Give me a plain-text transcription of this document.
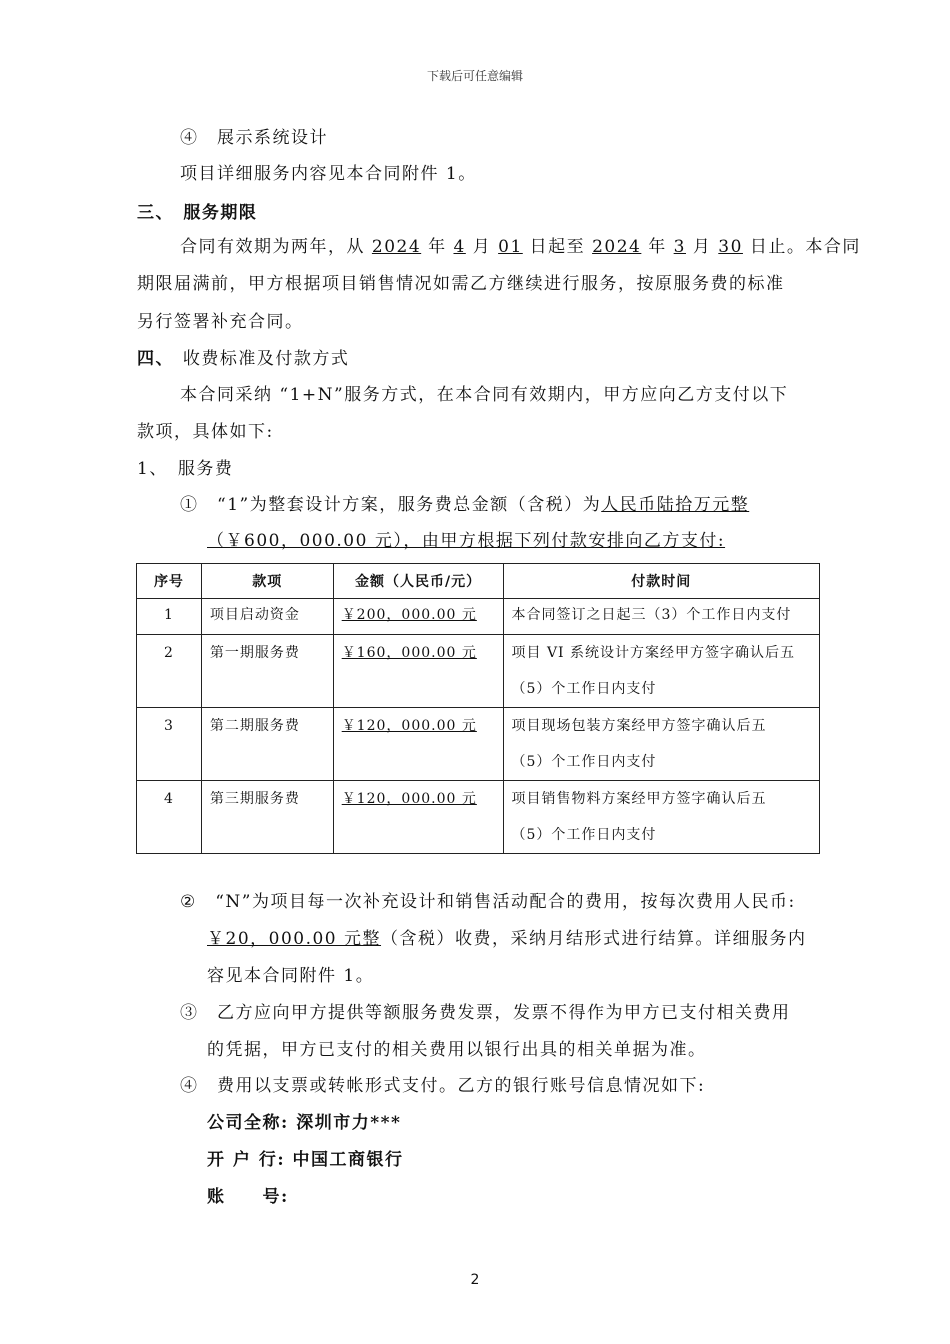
下载后可任意编辑
④　展示系统设计
项目详细服务内容见本合同附件 1。
三、 服务期限
合同有效期为两年，从 2024 年 4 月 01 日起至 2024 年 3 月 30 日止。本合同
期限届满前，甲方根据项目销售情况如需乙方继续进行服务，按原服务费的标准
另行签署补充合同。
四、 收费标准及付款方式
本合同采纳 “1+N”服务方式，在本合同有效期内，甲方应向乙方支付以下
款项，具体如下:
1、　服务费
①　“1”为整套设计方案，服务费总金额（含税）为人民币陆拾万元整
（￥600，000.00 元），由甲方根据下列付款安排向乙方支付:
序号	款项	金额（人民币/元）	付款时间
1	项目启动资金	￥200，000.00 元	本合同签订之日起三（3）个工作日内支付

2	第一期服务费	￥160，000.00 元	项目 VI 系统设计方案经甲方签字确认后五
（5）个工作日内支付

3	第二期服务费	￥120，000.00 元	项目现场包装方案经甲方签字确认后五
（5）个工作日内支付

4	第三期服务费	￥120，000.00 元	项目销售物料方案经甲方签字确认后五
（5）个工作日内支付
②　“N”为项目每一次补充设计和销售活动配合的费用，按每次费用人民币:
￥20，000.00 元整（含税）收费，采纳月结形式进行结算。详细服务内
容见本合同附件 1。
③　乙方应向甲方提供等额服务费发票，发票不得作为甲方已支付相关费用
的凭据，甲方已支付的相关费用以银行出具的相关单据为准。
④　费用以支票或转帐形式支付。乙方的银行账号信息情况如下:
公司全称: 深圳市力***
开 户 行: 中国工商银行
账　　号:
2
